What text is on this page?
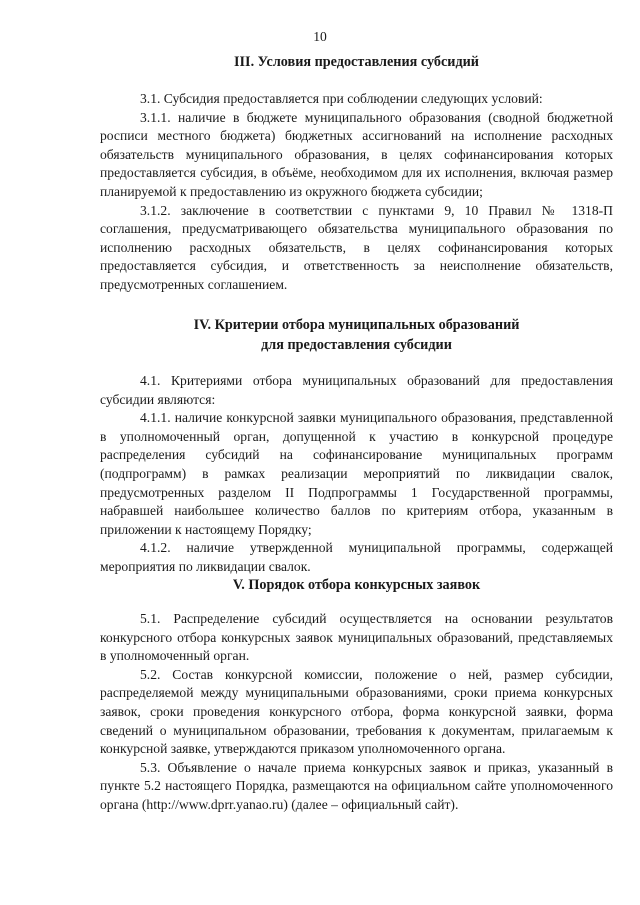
10
III. Условия предоставления субсидий

3.1. Субсидия предоставляется при соблюдении следующих условий:

3.1.1. наличие в бюджете муниципального образования (сводной бюджетной росписи местного бюджета) бюджетных ассигнований на исполнение расходных обязательств муниципального образования, в целях софинансирования которых предоставляется субсидия, в объёме, необходимом для их исполнения, включая размер планируемой к предоставлению из окружного бюджета субсидии;

3.1.2. заключение в соответствии с пунктами 9, 10 Правил № 1318-П соглашения, предусматривающего обязательства муниципального образования по исполнению расходных обязательств, в целях софинансирования которых предоставляется субсидия, и ответственность за неисполнение обязательств, предусмотренных соглашением.

IV. Критерии отбора муниципальных образований
для предоставления субсидии

4.1. Критериями отбора муниципальных образований для предоставления субсидии являются:

4.1.1. наличие конкурсной заявки муниципального образования, представленной в уполномоченный орган, допущенной к участию в конкурсной процедуре распределения субсидий на софинансирование муниципальных программ (подпрограмм) в рамках реализации мероприятий по ликвидации свалок, предусмотренных разделом II Подпрограммы 1 Государственной программы, набравшей наибольшее количество баллов по критериям отбора, указанным в приложении к настоящему Порядку;

4.1.2. наличие утвержденной муниципальной программы, содержащей мероприятия по ликвидации свалок.

V. Порядок отбора конкурсных заявок

5.1. Распределение субсидий осуществляется на основании результатов конкурсного отбора конкурсных заявок муниципальных образований, представляемых в уполномоченный орган.

5.2. Состав конкурсной комиссии, положение о ней, размер субсидии, распределяемой между муниципальными образованиями, сроки приема конкурсных заявок, сроки проведения конкурсного отбора, форма конкурсной заявки, форма сведений о муниципальном образовании, требования к документам, прилагаемым к конкурсной заявке, утверждаются приказом уполномоченного органа.

5.3. Объявление о начале приема конкурсных заявок и приказ, указанный в пункте 5.2 настоящего Порядка, размещаются на официальном сайте уполномоченного органа (http://www.dprr.yanao.ru) (далее – официальный сайт).
